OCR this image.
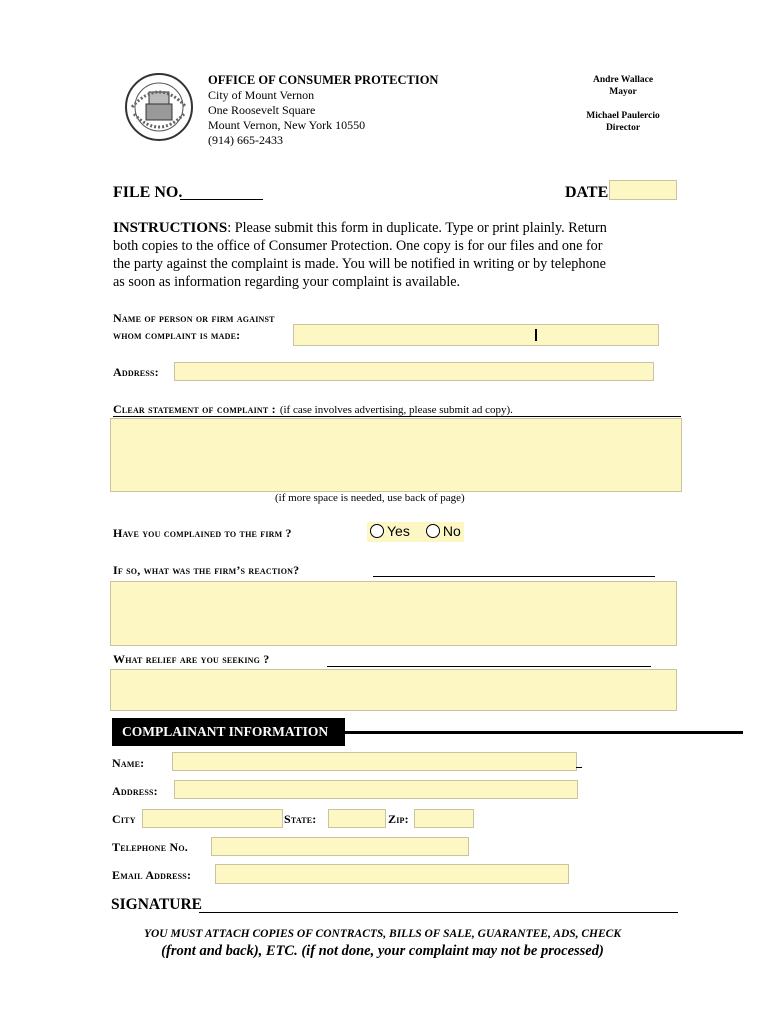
OFFICE OF CONSUMER PROTECTION
City of Mount Vernon
One Roosevelt Square
Mount Vernon, New York 10550
(914) 665-2433
Andre Wallace
Mayor
Michael Paulercio
Director
FILE NO.	DATE
INSTRUCTIONS: Please submit this form in duplicate. Type or print plainly. Return
both copies to the office of Consumer Protection. One copy is for our files and one for
the party against the complaint is made. You will be notified in writing or by telephone
as soon as information regarding your complaint is available.
Name of person or firm against
whom complaint is made:
Address:
Clear statement of complaint : (if case involves advertising, please submit ad copy).
(if more space is needed, use back of page)
Have you complained to the firm ?	Yes No
If so, what was the firm’s reaction?
What relief are you seeking ?
COMPLAINANT INFORMATION
Name:
Address:
City	State:	Zip:
Telephone No.
Email Address:
SIGNATURE
YOU MUST ATTACH COPIES OF CONTRACTS, BILLS OF SALE, GUARANTEE, ADS, CHECK
(front and back), ETC. (if not done, your complaint may not be processed)
